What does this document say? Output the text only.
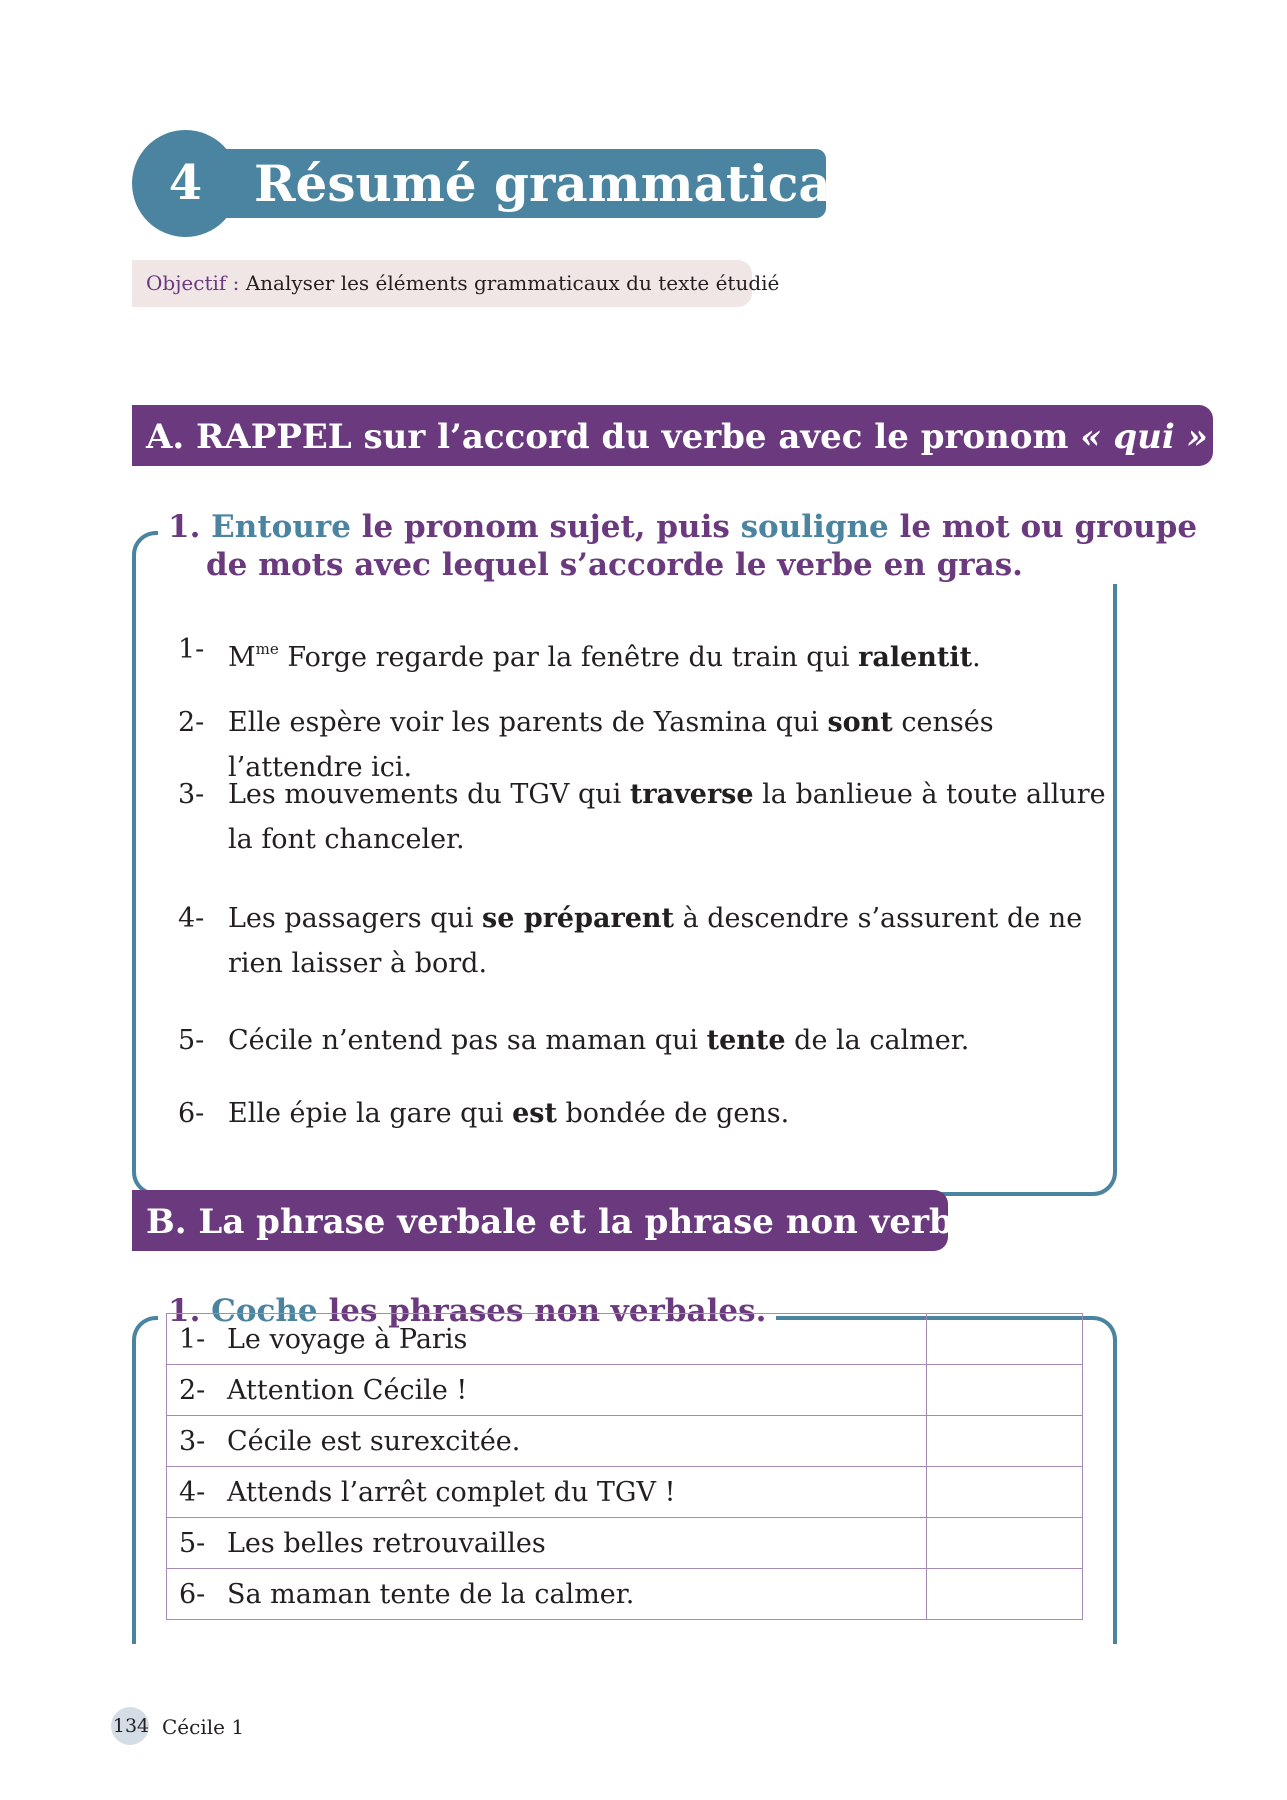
4	Résumé grammatical
Objectif : Analyser les éléments grammaticaux du texte étudié
A. RAPPEL sur l’accord du verbe avec le pronom « qui »
1. Entoure le pronom sujet, puis souligne le mot ou groupe
de mots avec lequel s’accorde le verbe en gras.
1- $M^{me}$ Forge regarde par la fenêtre du train qui ralentit.
2- Elle espère voir les parents de Yasmina qui sont censés l’attendre ici.
3- Les mouvements du TGV qui traverse la banlieue à toute allure la font chanceler.
4- Les passagers qui se préparent à descendre s’assurent de ne rien laisser à bord.
5- Cécile n’entend pas sa maman qui tente de la calmer.
6- Elle épie la gare qui est bondée de gens.
B. La phrase verbale et la phrase non verbale
1. Coche les phrases non verbales.
1- Le voyage à Paris	
2- Attention Cécile !	
3- Cécile est surexcitée.	
4- Attends l’arrêt complet du TGV !	
5- Les belles retrouvailles	
6- Sa maman tente de la calmer.	
134 Cécile 1
